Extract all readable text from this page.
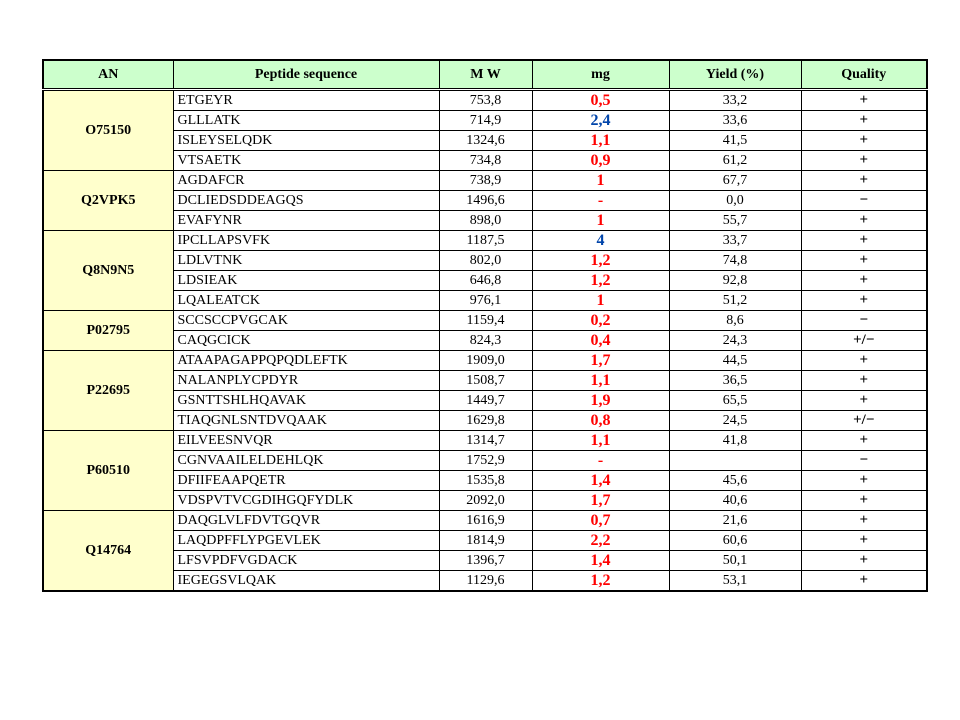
AN	Peptide sequence	M W	mg	Yield (%)	Quality
O75150	ETGEYR	753,8	0,5	33,2	+
	GLLLATK	714,9	2,4	33,6	+
	ISLEYSELQDK	1324,6	1,1	41,5	+
	VTSAETK	734,8	0,9	61,2	+
Q2VPK5	AGDAFCR	738,9	1	67,7	+
	DCLIEDSDDEAGQS	1496,6	-	0,0	−
	EVAFYNR	898,0	1	55,7	+
Q8N9N5	IPCLLAPSVFK	1187,5	4	33,7	+
	LDLVTNK	802,0	1,2	74,8	+
	LDSIEAK	646,8	1,2	92,8	+
	LQALEATCK	976,1	1	51,2	+
P02795	SCCSCCPVGCAK	1159,4	0,2	8,6	−
	CAQGCICK	824,3	0,4	24,3	+/−
P22695	ATAAPAGAPPQPQDLEFTK	1909,0	1,7	44,5	+
	NALANPLYCPDYR	1508,7	1,1	36,5	+
	GSNTTSHLHQAVAK	1449,7	1,9	65,5	+
	TIAQGNLSNTDVQAAK	1629,8	0,8	24,5	+/−
P60510	EILVEESNVQR	1314,7	1,1	41,8	+
	CGNVAAILELDEHLQK	1752,9	-		−
	DFIIFEAAPQETR	1535,8	1,4	45,6	+
	VDSPVTVCGDIHGQFYDLK	2092,0	1,7	40,6	+
Q14764	DAQGLVLFDVTGQVR	1616,9	0,7	21,6	+
	LAQDPFFLYPGEVLEK	1814,9	2,2	60,6	+
	LFSVPDFVGDACK	1396,7	1,4	50,1	+
	IEGEGSVLQAK	1129,6	1,2	53,1	+
